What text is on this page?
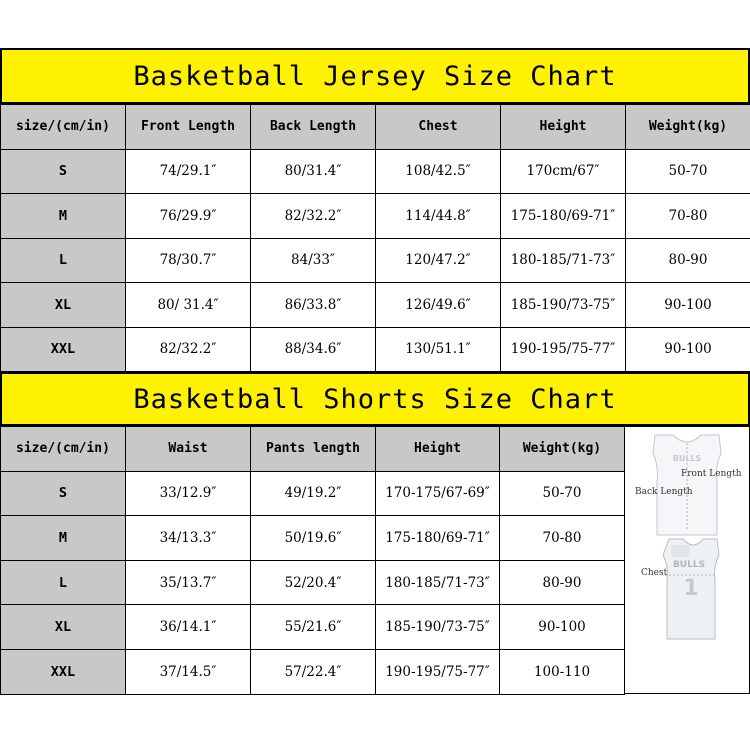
Basketball Jersey Size Chart
size/(cm/in)	Front Length	Back Length	Chest	Height	Weight(kg)
S	74/29.1″	80/31.4″	108/42.5″	170cm/67″	50-70
M	76/29.9″	82/32.2″	114/44.8″	175-180/69-71″	70-80
L	78/30.7″	84/33″	120/47.2″	180-185/71-73″	80-90
XL	80/ 31.4″	86/33.8″	126/49.6″	185-190/73-75″	90-100
XXL	82/32.2″	88/34.6″	130/51.1″	190-195/75-77″	90-100
Basketball Shorts Size Chart
size/(cm/in)	Waist	Pants length	Height	Weight(kg)
S	33/12.9″	49/19.2″	170-175/67-69″	50-70
M	34/13.3″	50/19.6″	175-180/69-71″	70-80
L	35/13.7″	52/20.4″	180-185/71-73″	80-90
XL	36/14.1″	55/21.6″	185-190/73-75″	90-100
XXL	37/14.5″	57/22.4″	190-195/75-77″	100-110
BULLS
1
BULLS
Front Length
Back Length
Chest
